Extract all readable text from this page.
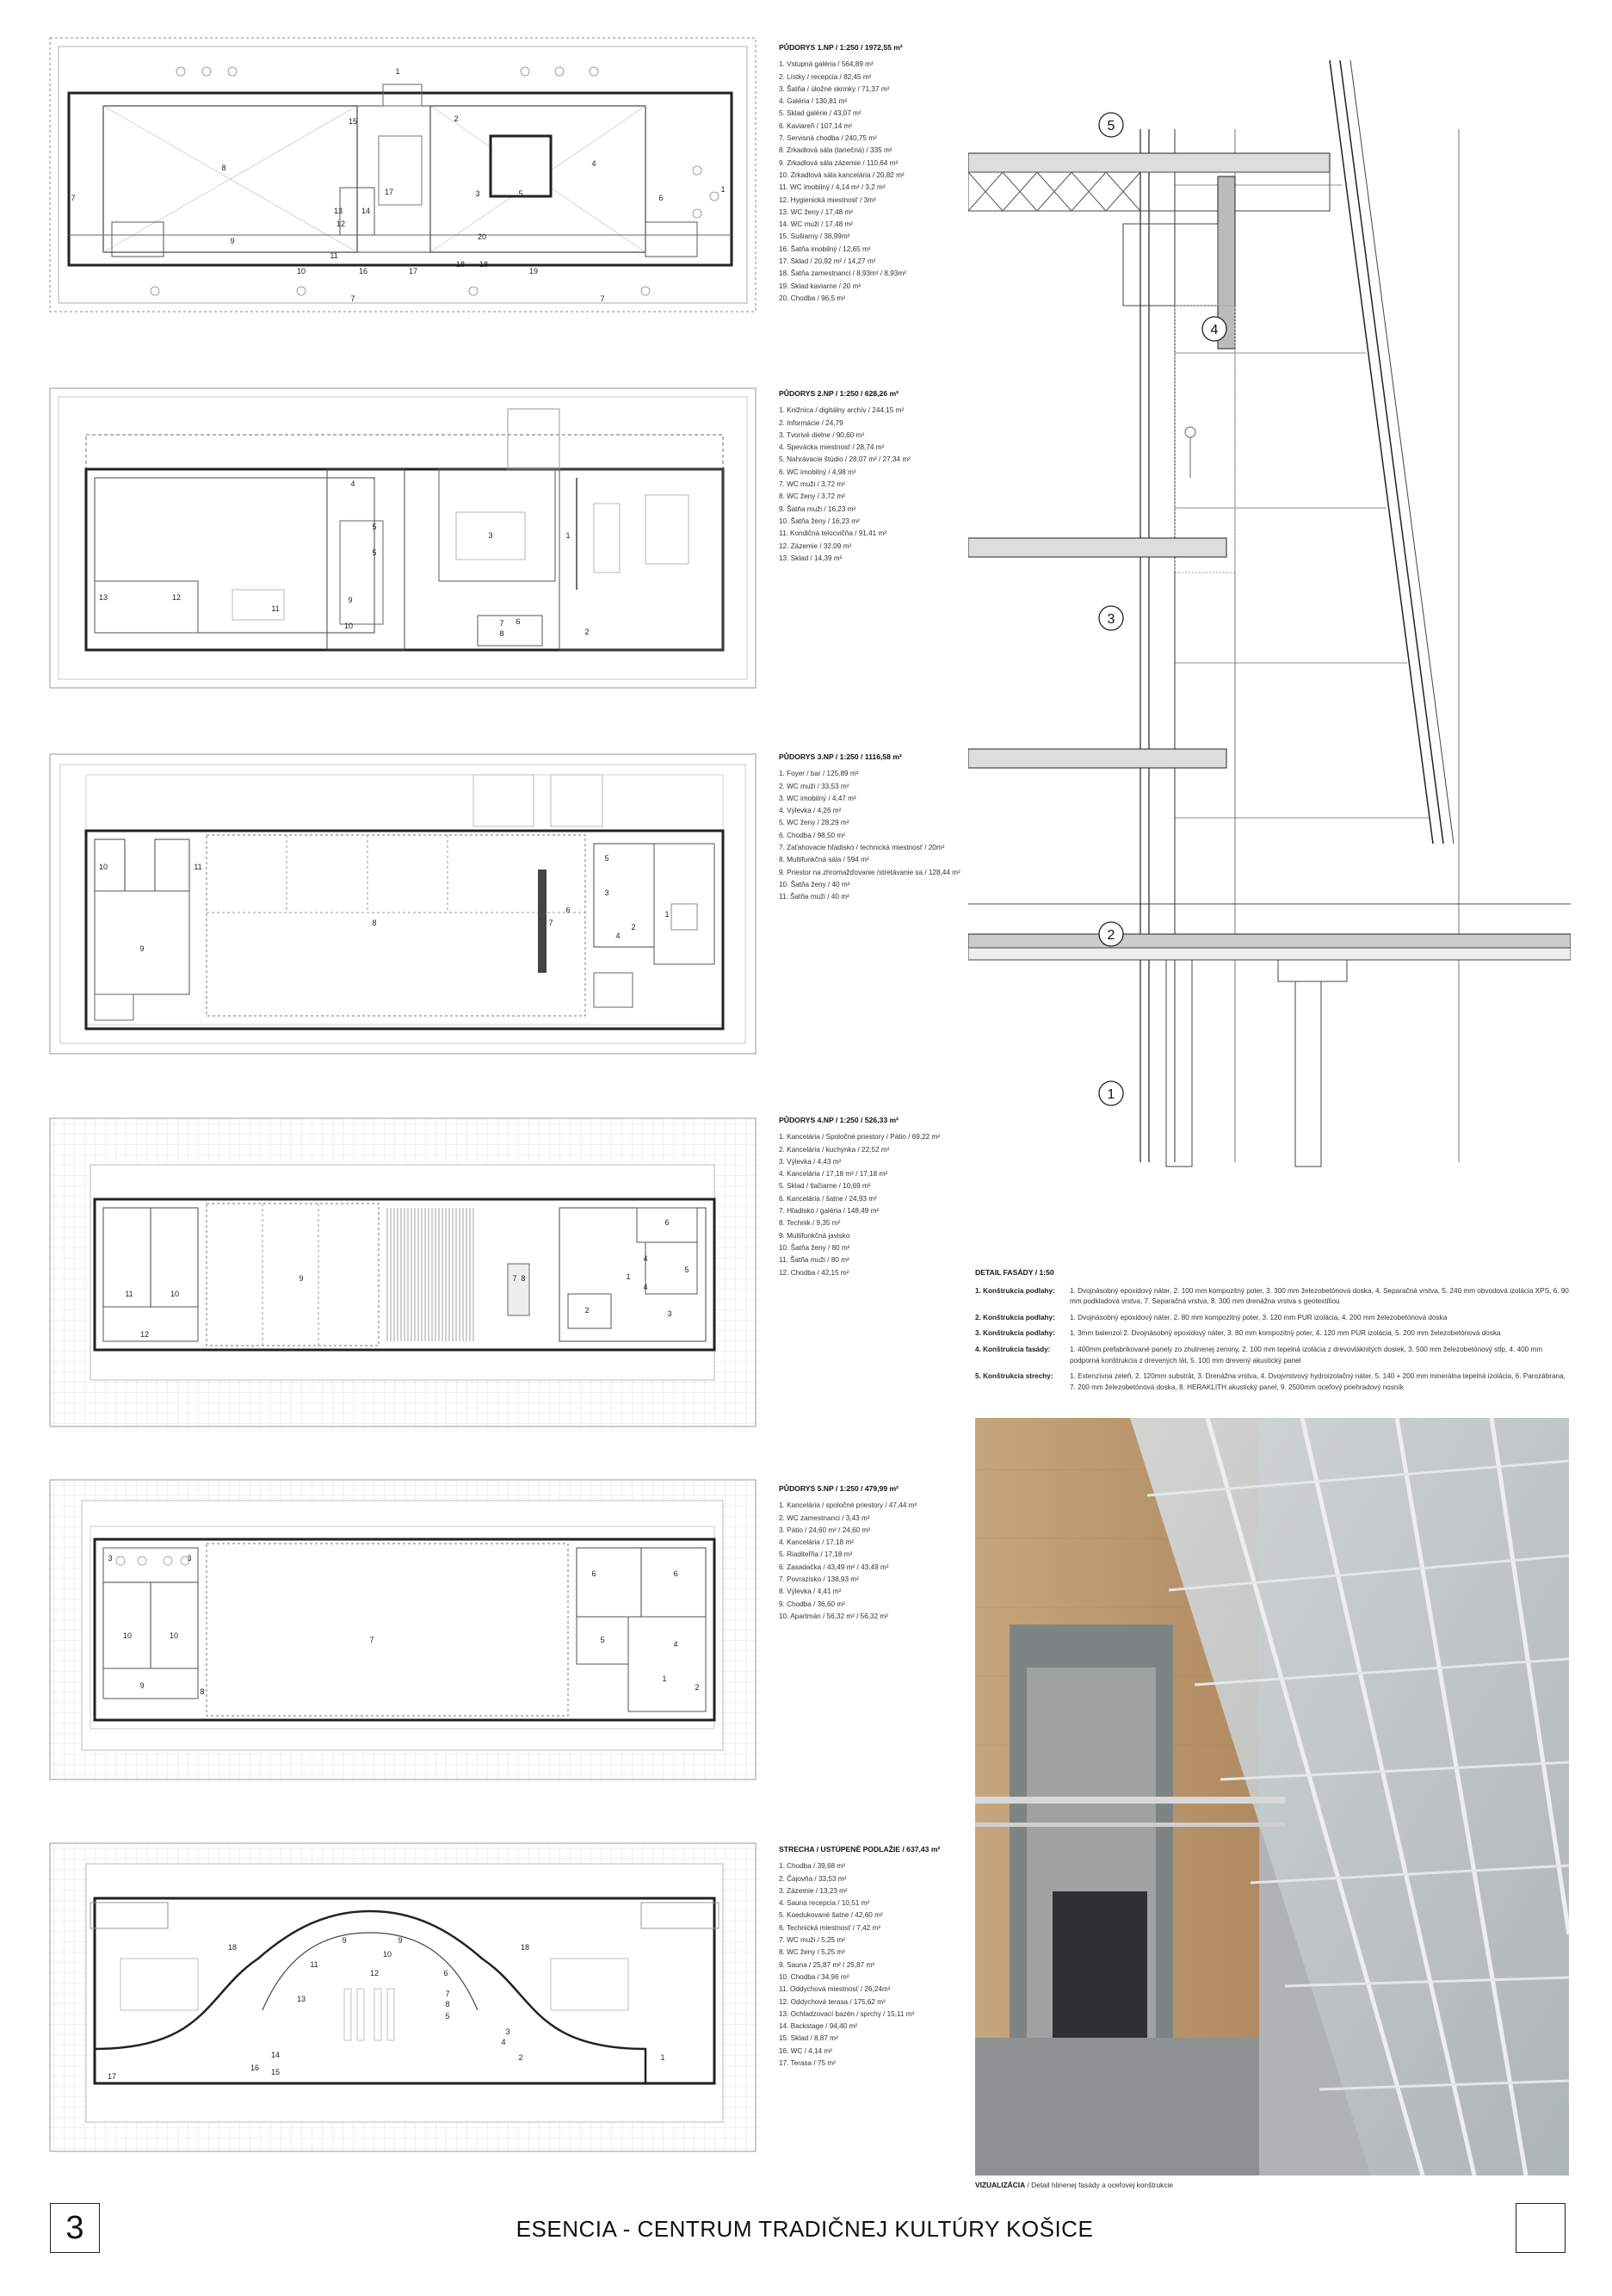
1
2
3
4
5	6
7
7	7
8
9
10
11
12
13 14
15
16
17
17
18 18
19
20
1
PŮDORYS 1.NP / 1:250 / 1972,55 m²
1. Vstupná galéria / 564,89 m²
2. Lístky / recepcia / 82,45 m²
3. Šatňa / úložné skrinky / 71,37 m²
4. Galéria / 130,81 m²
5. Sklad galérie / 43,07 m²
6. Kaviareň / 107,14 m²
7. Servisná chodba / 240,75 m²
8. Zrkadlová sála (tanečná) / 335 m²
9. Zrkadlová sála zázemie / 110,64 m²
10. Zrkadlová sála kancelária / 20,82 m²
11. WC imobilný / 4,14 m² / 3,2 m²
12. Hygienická miestnosť / 3m²
13. WC ženy / 17,48 m²
14. WC muži / 17,48 m²
15. Sušiarny / 38,99m²
16. Šatňa imobilný / 12,65 m²
17. Sklad / 20,92 m² / 14,27 m²
18. Šatňa zamestnanci / 8,93m² / 8,93m²
19. Sklad kaviarne / 20 m²
20. Chodba / 96,5 m²
1
2
3
4
5
5
6
7
8
9
10
11
12
13
PŮDORYS 2.NP / 1:250 / 628,26 m²
1. Knižnica / digitálny archív / 244,15 m²
2. Informácie / 24,79
3. Tvorivé dielne / 90,60 m²
4. Spevácka miestnosť / 28,74 m²
5. Nahrávacie štúdio / 28,07 m² / 27,34 m²
6. WC imobilný / 4,98 m²
7. WC muži / 3,72 m²
8. WC ženy / 3,72 m²
9. Šatňa muži / 16,23 m²
10. Šatňa ženy / 16,23 m²
11. Kondičná telocvičňa / 91,41 m²
12. Zázemie / 32,09 m²
13. Sklad / 14,39 m²
1
2
3
4
5
6
7
8
9
10	11
PŮDORYS 3.NP / 1:250 / 1116,58 m²
1. Foyer / bar / 125,89 m²
2. WC muži / 33,53 m²
3. WC imobilný / 4,47 m²
4. Výlevka / 4,26 m²
5. WC ženy / 28,29 m²
6. Chodba / 98,50 m²
7. Zaťahovacie hľadisko / technická miestnosť / 20m²
8. Multifunkčná sála / 594 m²
9. Priestor na zhromažďovanie /stretávanie sa / 128,44 m²
10. Šatňa ženy / 40 m²
11. Šatňa muži / 40 m²
1
2	3
4
4
5
6
7 8
9
10
11
12
PŮDORYS 4.NP / 1:250 / 526,33 m²
1. Kancelária / Spoločné priestory / Pátio / 69,22 m²
2. Kancelária / kuchynka / 22,52 m²
3. Výlevka / 4,43 m²
4. Kancelária / 17,18 m² / 17,18 m²
5. Sklad / tlačiarne / 10,69 m²
6. Kancelária / šatne / 24,93 m²
7. Hľadisko / galéria / 148,49 m²
8. Technik / 9,35 m²
9. Multifunkčná javisko
10. Šatňa ženy / 80 m²
11. Šatňa muži / 80 m²
12. Chodba / 42,15 m²
1
2
3	3
4
5
6	6
7
8
9
10	10
PŮDORYS 5.NP / 1:250 / 479,99 m²
1. Kancelária / spoločné priestory / 47,44 m²
2. WC zamestnanci / 3,43 m²
3. Pátio / 24,60 m² / 24,60 m²
4. Kancelária / 17,18 m²
5. Riaditeľňa / 17,18 m²
6. Zasadačka / 43,49 m² / 43,49 m²
7. Povrazisko / 138,93 m²
8. Výlevka / 4,41 m²
9. Chodba / 36,60 m²
10. Apartmán / 56,32 m² / 56,32 m²
1
2
3
4
5
6
7
8
9	9
10
11
12
13
14
15
16
17
18	18
STRECHA / USTÚPENÉ PODLAŽIE / 637,43 m²
1. Chodba / 39,68 m²
2. Čajovňa / 33,53 m²
3. Zázemie / 13,23 m²
4. Sauna recepcia / 10,51 m²
5. Koedukované šatne / 42,60 m²
6. Technická miestnosť / 7,42 m²
7. WC muži / 5,25 m²
8. WC ženy / 5,25 m²
9. Sauna / 25,87 m² / 25,87 m²
10. Chodba / 34,96 m²
11. Oddychová miestnosť / 26,24m²
12. Oddychová terasa / 175,62 m²
13. Ochladzovací bazén / sprchy / 15,11 m²
14. Backstage / 94,40 m²
15. Sklad / 8,87 m²
16. WC / 4,14 m²
17. Terasa / 75 m²
5
4
3
2
1
DETAIL FASÁDY / 1:50
1. Konštrukcia podlahy:	1. Dvojnásobný epoxidový náter, 2. 100 mm kompozitný poter, 3. 300 mm železobetónová doska, 4. Separačná vrstva, 5. 240 mm obvodová izolácia XPS, 6. 90 mm podkladová vrstva, 7. Separačná vrstva, 8. 300 mm drenážna vrstva s geotextíliou
2. Konštrukcia podlahy:	1. Dvojnásobný epoxidový náter, 2. 80 mm kompozitný poter, 3. 120 mm PUR izolácia, 4. 200 mm železobetónová doska
3. Konštrukcia podlahy:	1. 3mm balenzol 2. Dvojnásobný epoxidový náter, 3. 80 mm kompozitný poter, 4. 120 mm PUR izolácia, 5. 200 mm železobetónová doska
4. Konštrukcia fasády:	1. 400mm prefabrikované panely zo zhutnenej zeminy, 2. 100 mm tepelná izolácia z drevovláknitých dosiek, 3. 500 mm železobetónový stĺp, 4. 400 mm podporná konštrukcia z drevených lát, 5. 100 mm drevený akustický panel
5. Konštrukcia strechy:	1. Extenzívna zeleň, 2. 120mm substrát, 3. Drenážna vrstva, 4. Dvojvrstvový hydroizolačný náter, 5. 140 + 200 mm minerálna tepelná izolácia, 6. Parozábrana, 7. 200 mm železobetónová doska, 8. HERAKLITH akustický panel, 9. 2500mm oceľový priehradový nosník
VIZUALIZÁCIA / Detail hlinenej fasády a oceľovej konštrukcie
3	ESENCIA - CENTRUM TRADIČNEJ KULTÚRY KOŠICE
